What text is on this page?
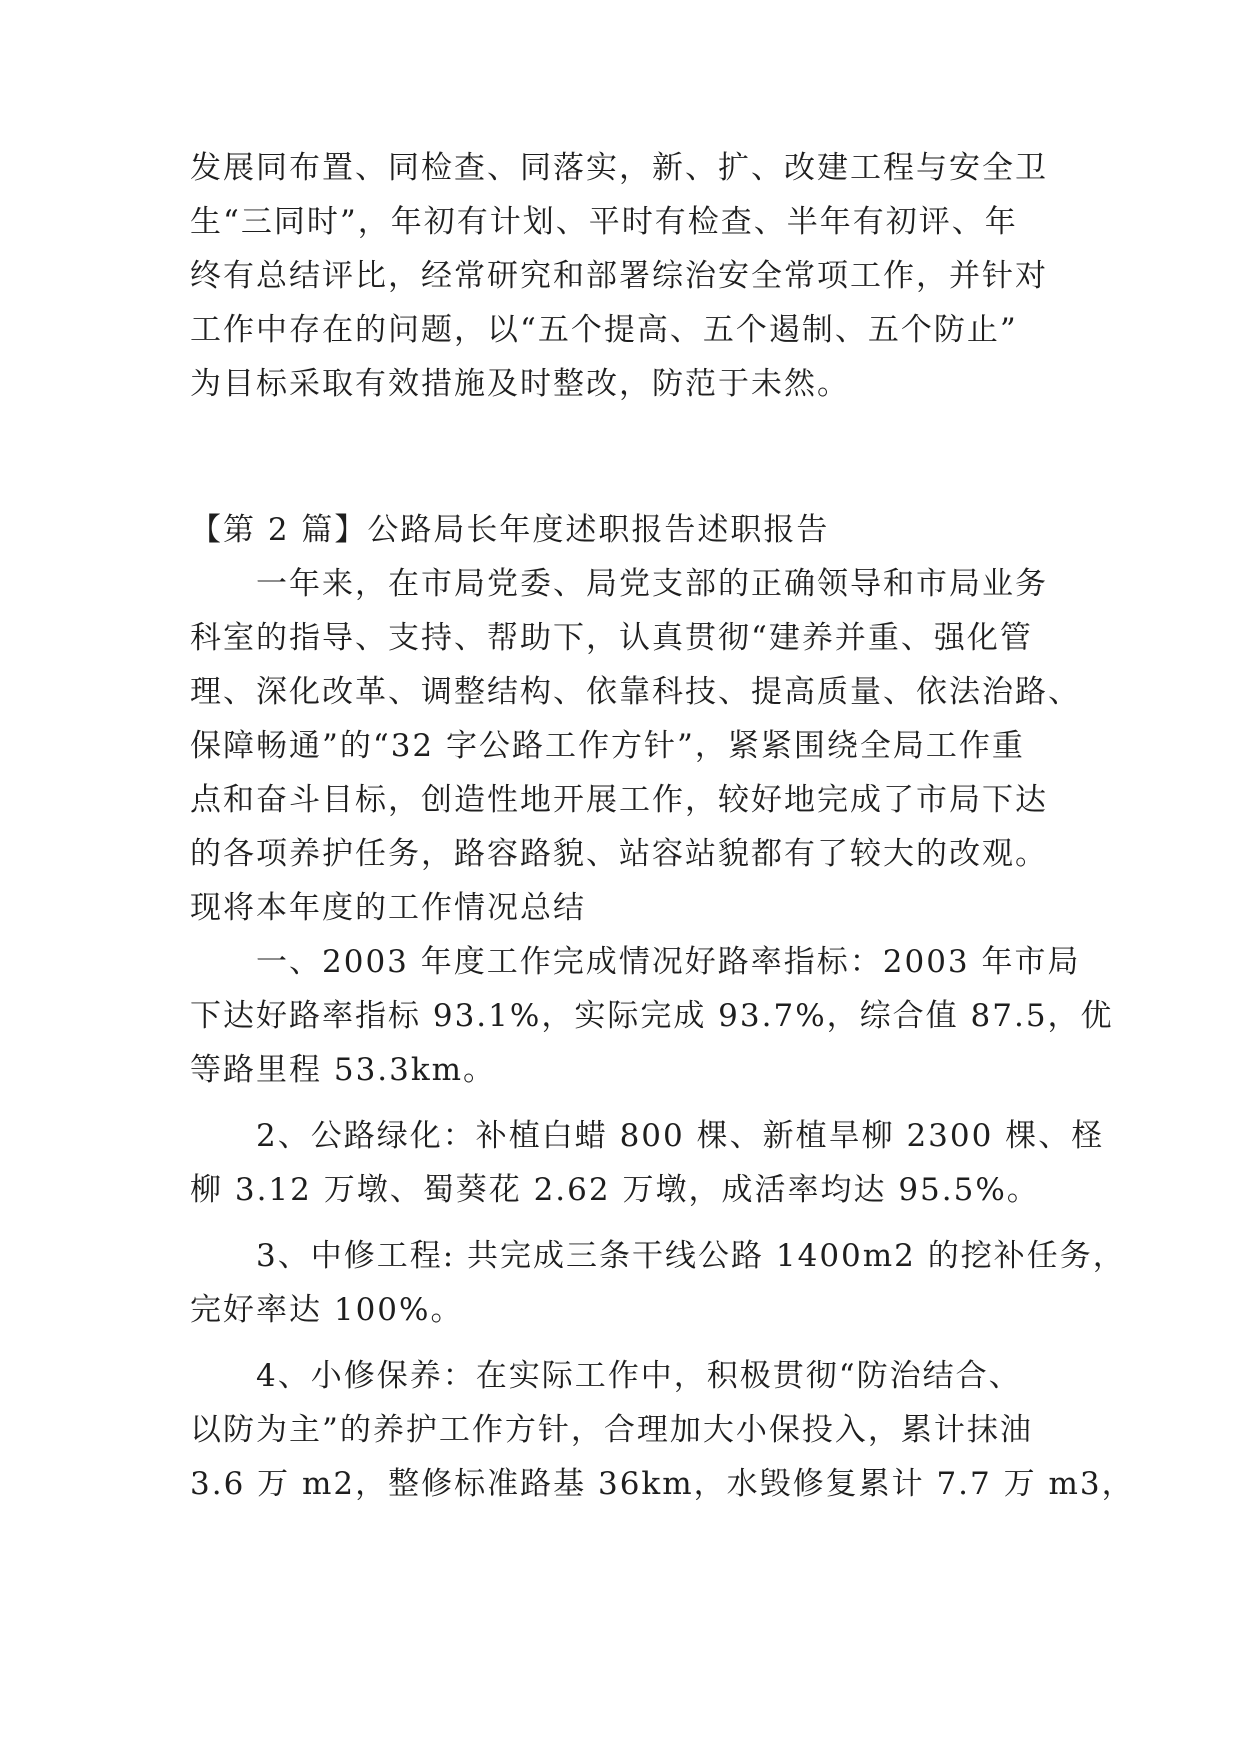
发展同布置、同检查、同落实，新、扩、改建工程与安全卫
生“三同时”，年初有计划、平时有检查、半年有初评、年
终有总结评比，经常研究和部署综治安全常项工作，并针对
工作中存在的问题，以“五个提高、五个遏制、五个防止”
为目标采取有效措施及时整改，防范于未然。
【第 2 篇】公路局长年度述职报告述职报告
一年来，在市局党委、局党支部的正确领导和市局业务
科室的指导、支持、帮助下，认真贯彻“建养并重、强化管
理、深化改革、调整结构、依靠科技、提高质量、依法治路、
保障畅通”的“32 字公路工作方针”，紧紧围绕全局工作重
点和奋斗目标，创造性地开展工作，较好地完成了市局下达
的各项养护任务，路容路貌、站容站貌都有了较大的改观。
现将本年度的工作情况总结
一、2003 年度工作完成情况好路率指标：2003 年市局
下达好路率指标 93.1%，实际完成 93.7%，综合值 87.5，优
等路里程 53.3km。
2、公路绿化：补植白蜡 800 棵、新植旱柳 2300 棵、柽
柳 3.12 万墩、蜀葵花 2.62 万墩，成活率均达 95.5%。
3、中修工程: 共完成三条干线公路 1400m2 的挖补任务，
完好率达 100%。
4、小修保养：在实际工作中，积极贯彻“防治结合、
以防为主”的养护工作方针，合理加大小保投入，累计抹油
3.6 万 m2，整修标准路基 36km，水毁修复累计 7.7 万 m3，
